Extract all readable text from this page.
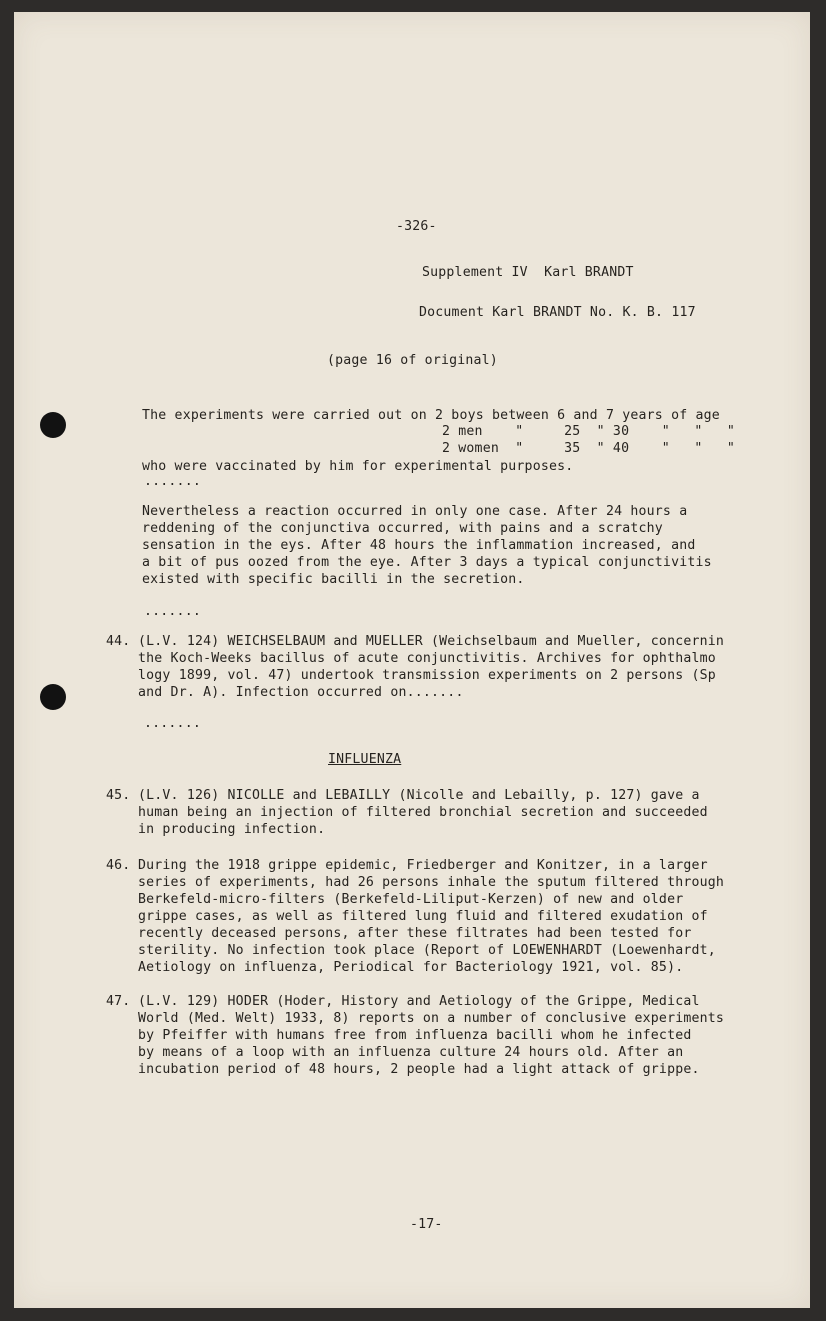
-326-

Supplement IV  Karl BRANDT

Document Karl BRANDT No. K. B. 117

(page 16 of original)

The experiments were carried out on 2 boys between 6 and 7 years of age

2 men    "     25  " 30    "   "   "

2 women  "     35  " 40    "   "   "

who were vaccinated by him for experimental purposes.

.......

Nevertheless a reaction occurred in only one case. After 24 hours a

reddening of the conjunctiva occurred, with pains and a scratchy

sensation in the eys. After 48 hours the inflammation increased, and

a bit of pus oozed from the eye. After 3 days a typical conjunctivitis

existed with specific bacilli in the secretion.

.......

44. (L.V. 124) WEICHSELBAUM and MUELLER (Weichselbaum and Mueller, concernin

the Koch-Weeks bacillus of acute conjunctivitis. Archives for ophthalmo

logy 1899, vol. 47) undertook transmission experiments on 2 persons (Sp

and Dr. A). Infection occurred on.......

.......

INFLUENZA

45. (L.V. 126) NICOLLE and LEBAILLY (Nicolle and Lebailly, p. 127) gave a

human being an injection of filtered bronchial secretion and succeeded

in producing infection.

46. During the 1918 grippe epidemic, Friedberger and Konitzer, in a larger

series of experiments, had 26 persons inhale the sputum filtered through

Berkefeld-micro-filters (Berkefeld-Liliput-Kerzen) of new and older

grippe cases, as well as filtered lung fluid and filtered exudation of

recently deceased persons, after these filtrates had been tested for

sterility. No infection took place (Report of LOEWENHARDT (Loewenhardt,

Aetiology on influenza, Periodical for Bacteriology 1921, vol. 85).

47. (L.V. 129) HODER (Hoder, History and Aetiology of the Grippe, Medical

World (Med. Welt) 1933, 8) reports on a number of conclusive experiments

by Pfeiffer with humans free from influenza bacilli whom he infected

by means of a loop with an influenza culture 24 hours old. After an

incubation period of 48 hours, 2 people had a light attack of grippe.

-17-
